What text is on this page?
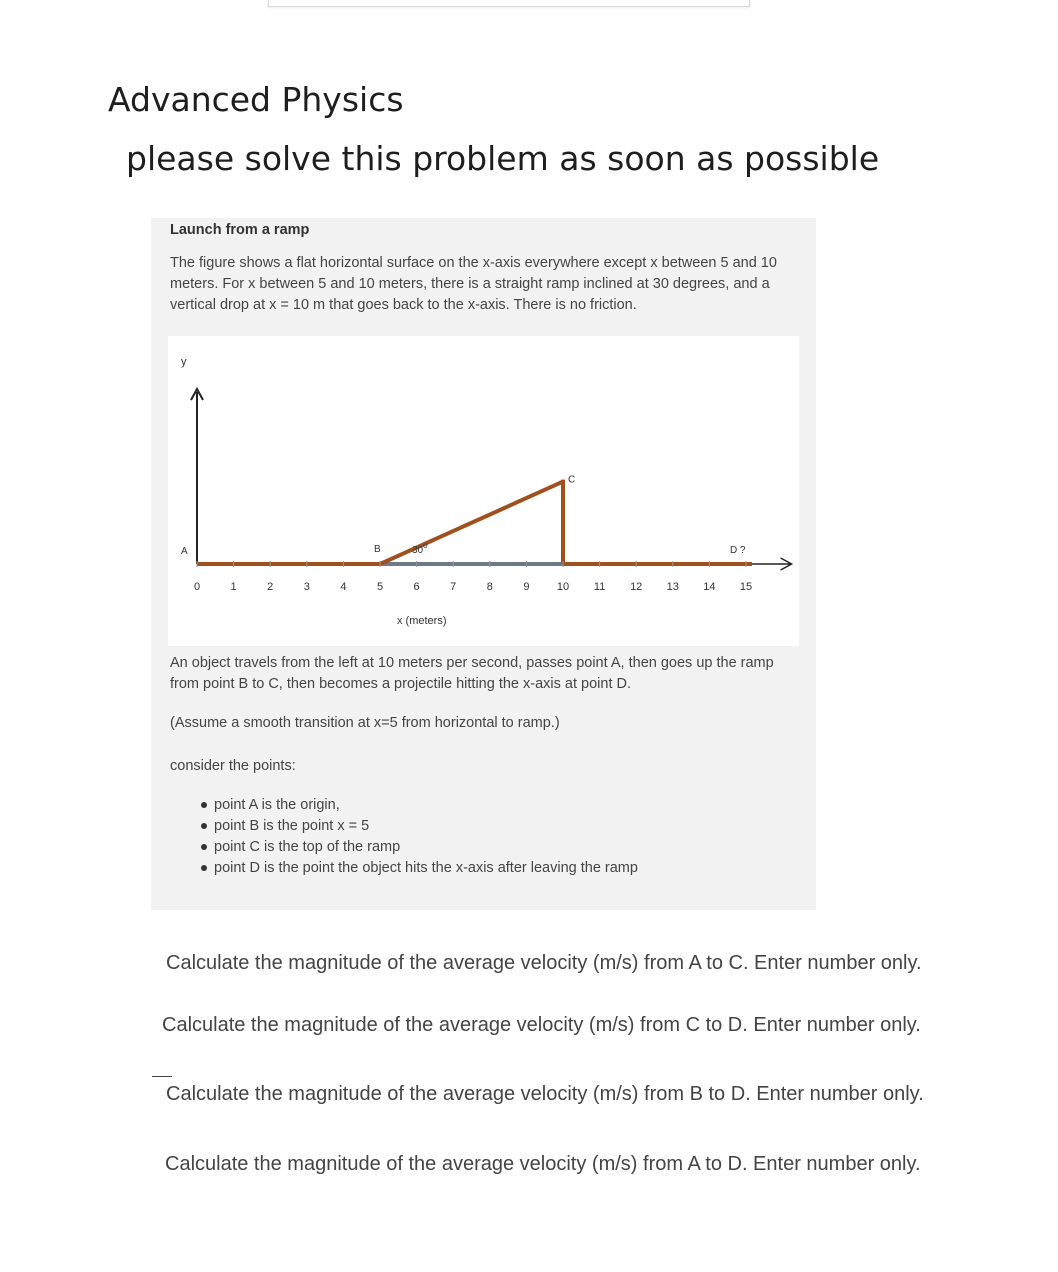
Advanced Physics
please solve this problem as soon as possible
Launch from a ramp

The figure shows a flat horizontal surface on the x-axis everywhere except x between 5 and 10 meters. For x between 5 and 10 meters, there is a straight ramp inclined at 30 degrees, and a vertical drop at x = 10 m that goes back to the x-axis. There is no friction.

y
0	1	2	3	4	5	6	7	8	9 10 11 12 13 14 15
A	B
C
D ?
30$^o$
x (meters)

An object travels from the left at 10 meters per second, passes point A, then goes up the ramp from point B to C, then becomes a projectile hitting the x-axis at point D.

(Assume a smooth transition at x=5 from horizontal to ramp.)

consider the points:

point A is the origin,
point B is the point x = 5
point C is the top of the ramp
point D is the point the object hits the x-axis after leaving the ramp

Calculate the magnitude of the average velocity (m/s) from A to C. Enter number only.

Calculate the magnitude of the average velocity (m/s) from C to D. Enter number only.

Calculate the magnitude of the average velocity (m/s) from B to D. Enter number only.

Calculate the magnitude of the average velocity (m/s) from A to D. Enter number only.
